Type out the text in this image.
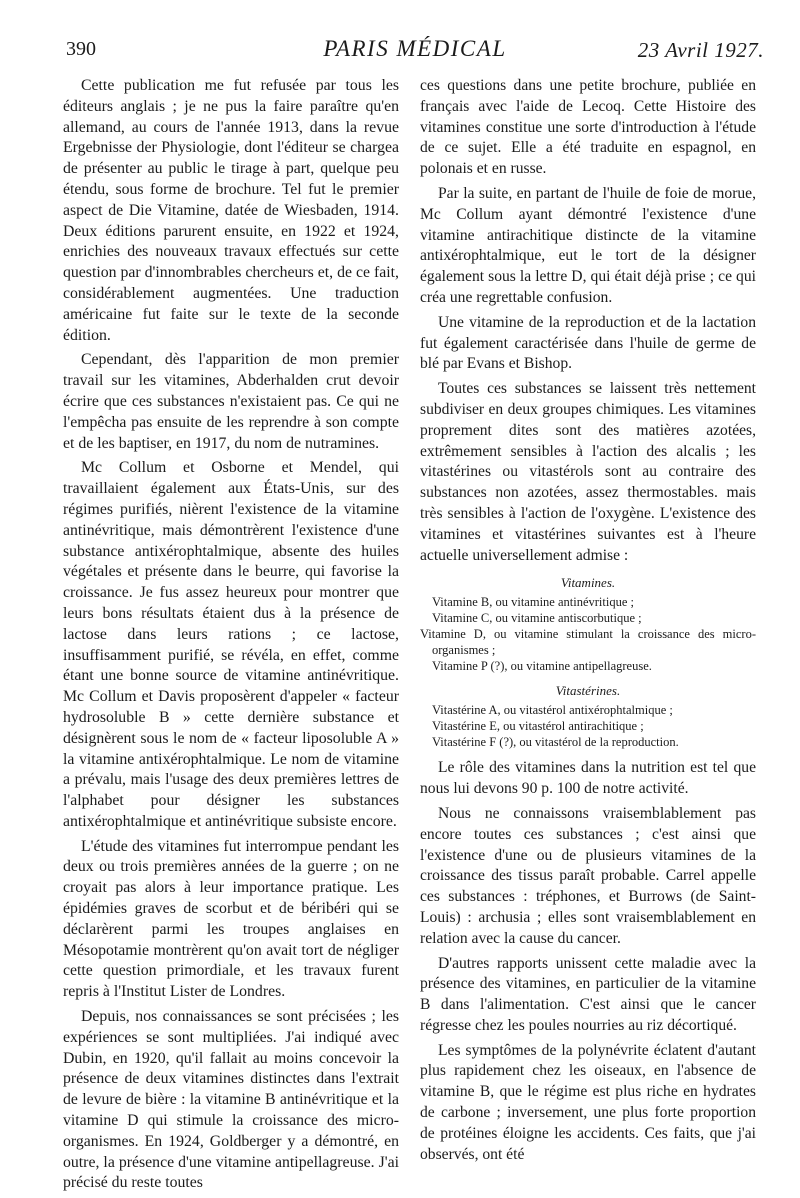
390	PARIS MÉDICAL	23 Avril 1927.

Cette publication me fut refusée par tous les éditeurs anglais ; je ne pus la faire paraître qu'en allemand, au cours de l'année 1913, dans la revue Ergebnisse der Physiologie, dont l'éditeur se chargea de présenter au public le tirage à part, quelque peu étendu, sous forme de brochure. Tel fut le premier aspect de Die Vitamine, datée de Wiesbaden, 1914. Deux éditions parurent ensuite, en 1922 et 1924, enrichies des nouveaux travaux effectués sur cette question par d'innombrables chercheurs et, de ce fait, considérablement augmentées. Une traduction américaine fut faite sur le texte de la seconde édition.

Cependant, dès l'apparition de mon premier travail sur les vitamines, Abderhalden crut devoir écrire que ces substances n'existaient pas. Ce qui ne l'empêcha pas ensuite de les reprendre à son compte et de les baptiser, en 1917, du nom de nutramines.

Mc Collum et Osborne et Mendel, qui travaillaient également aux États-Unis, sur des régimes purifiés, nièrent l'existence de la vitamine antinévritique, mais démontrèrent l'existence d'une substance antixérophtalmique, absente des huiles végétales et présente dans le beurre, qui favorise la croissance. Je fus assez heureux pour montrer que leurs bons résultats étaient dus à la présence de lactose dans leurs rations ; ce lactose, insuffisamment purifié, se révéla, en effet, comme étant une bonne source de vitamine antinévritique. Mc Collum et Davis proposèrent d'appeler « facteur hydrosoluble B » cette dernière substance et désignèrent sous le nom de « facteur liposoluble A » la vitamine antixérophtalmique. Le nom de vitamine a prévalu, mais l'usage des deux premières lettres de l'alphabet pour désigner les substances antixérophtalmique et antinévritique subsiste encore.

L'étude des vitamines fut interrompue pendant les deux ou trois premières années de la guerre ; on ne croyait pas alors à leur importance pratique. Les épidémies graves de scorbut et de béribéri qui se déclarèrent parmi les troupes anglaises en Mésopotamie montrèrent qu'on avait tort de négliger cette question primordiale, et les travaux furent repris à l'Institut Lister de Londres.

Depuis, nos connaissances se sont précisées ; les expériences se sont multipliées. J'ai indiqué avec Dubin, en 1920, qu'il fallait au moins concevoir la présence de deux vitamines distinctes dans l'extrait de levure de bière : la vitamine B antinévritique et la vitamine D qui stimule la croissance des micro-organismes. En 1924, Goldberger y a démontré, en outre, la présence d'une vitamine antipellagreuse. J'ai précisé du reste toutes

ces questions dans une petite brochure, publiée en français avec l'aide de Lecoq. Cette Histoire des vitamines constitue une sorte d'introduction à l'étude de ce sujet. Elle a été traduite en espagnol, en polonais et en russe.

Par la suite, en partant de l'huile de foie de morue, Mc Collum ayant démontré l'existence d'une vitamine antirachitique distincte de la vitamine antixérophtalmique, eut le tort de la désigner également sous la lettre D, qui était déjà prise ; ce qui créa une regrettable confusion.

Une vitamine de la reproduction et de la lactation fut également caractérisée dans l'huile de germe de blé par Evans et Bishop.

Toutes ces substances se laissent très nettement subdiviser en deux groupes chimiques. Les vitamines proprement dites sont des matières azotées, extrêmement sensibles à l'action des alcalis ; les vitastérines ou vitastérols sont au contraire des substances non azotées, assez thermostables. mais très sensibles à l'action de l'oxygène. L'existence des vitamines et vitastérines suivantes est à l'heure actuelle universellement admise :

Vitamines.
Vitamine B, ou vitamine antinévritique ;
Vitamine C, ou vitamine antiscorbutique ;
Vitamine D, ou vitamine stimulant la croissance des micro-organismes ;
Vitamine P (?), ou vitamine antipellagreuse.
Vitastérines.
Vitastérine A, ou vitastérol antixérophtalmique ;
Vitastérine E, ou vitastérol antirachitique ;
Vitastérine F (?), ou vitastérol de la reproduction.

Le rôle des vitamines dans la nutrition est tel que nous lui devons 90 p. 100 de notre activité.

Nous ne connaissons vraisemblablement pas encore toutes ces substances ; c'est ainsi que l'existence d'une ou de plusieurs vitamines de la croissance des tissus paraît probable. Carrel appelle ces substances : tréphones, et Burrows (de Saint-Louis) : archusia ; elles sont vraisemblablement en relation avec la cause du cancer.

D'autres rapports unissent cette maladie avec la présence des vitamines, en particulier de la vitamine B dans l'alimentation. C'est ainsi que le cancer régresse chez les poules nourries au riz décortiqué.

Les symptômes de la polynévrite éclatent d'autant plus rapidement chez les oiseaux, en l'absence de vitamine B, que le régime est plus riche en hydrates de carbone ; inversement, une plus forte proportion de protéines éloigne les accidents. Ces faits, que j'ai observés, ont été
